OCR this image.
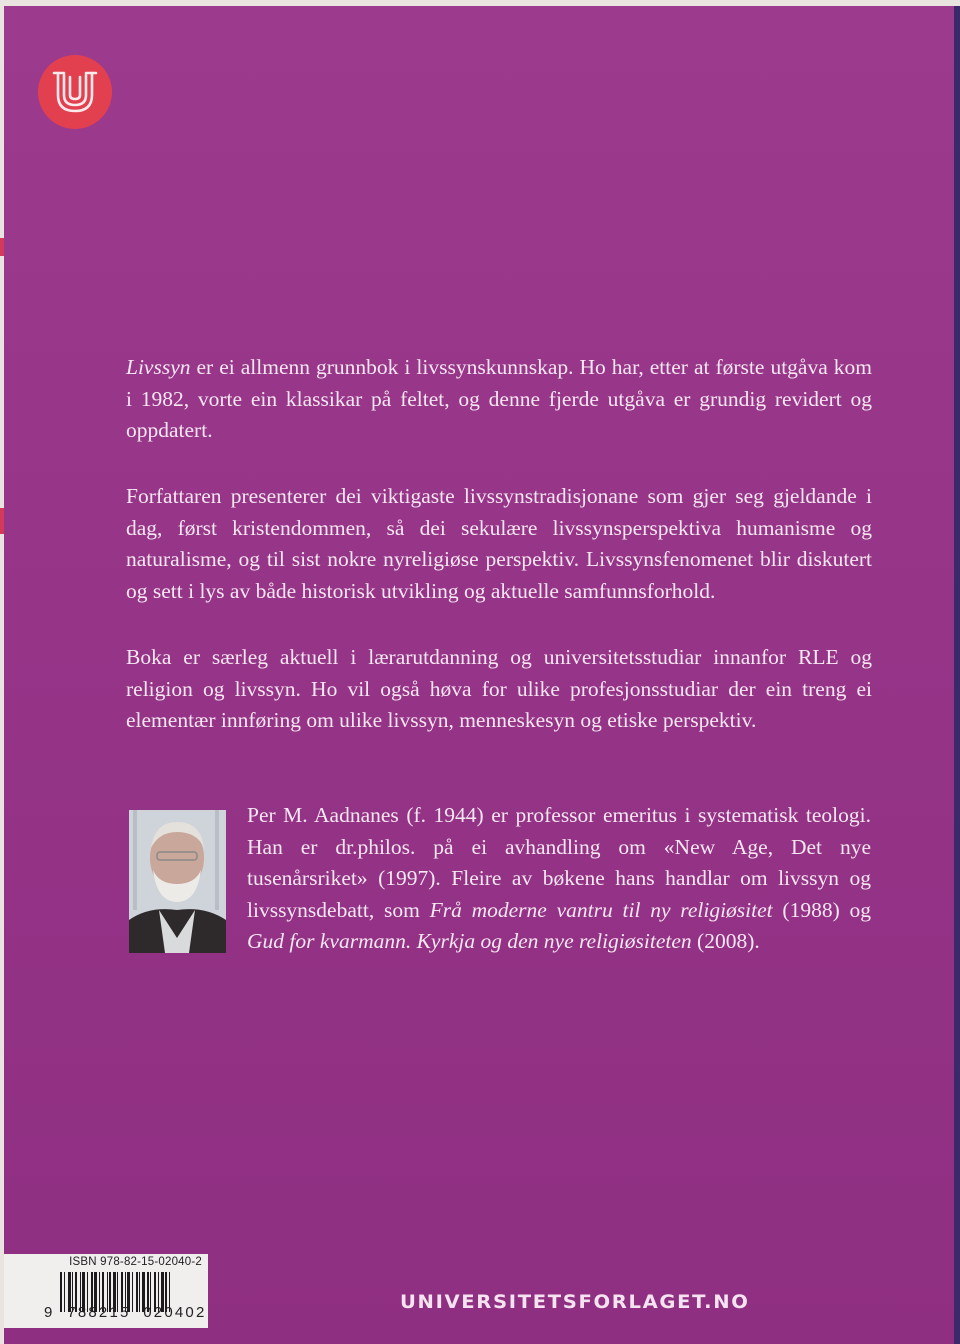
Livssyn er ei allmenn grunnbok i livssynskunnskap. Ho har, etter at første utgåva kom i 1982, vorte ein klassikar på feltet, og denne fjerde utgåva er grundig revidert og oppdatert.

Forfattaren presenterer dei viktigaste livssynstradisjonane som gjer seg gjeldande i dag, først kristendommen, så dei sekulære livssynsperspektiva humanisme og naturalisme, og til sist nokre nyreligiøse perspektiv. Livssynsfenomenet blir diskutert og sett i lys av både historisk utvikling og aktuelle samfunnsforhold.

Boka er særleg aktuell i lærarutdanning og universitetsstudiar innanfor RLE og religion og livssyn. Ho vil også høva for ulike profesjonsstudiar der ein treng ei elementær innføring om ulike livssyn, menneskesyn og etiske perspektiv.

Per M. Aadnanes (f. 1944) er professor emeritus i systematisk teologi. Han er dr.philos. på ei avhandling om «New Age, Det nye tusenårsriket» (1997). Fleire av bøkene hans handlar om livssyn og livssynsdebatt, som Frå moderne vantru til ny religiøsitet (1988) og Gud for kvarmann. Kyrkja og den nye religiøsiteten (2008).

ISBN 978-82-15-02040-2
9  788215  020402	UNIVERSITETSFORLAGET.NO
